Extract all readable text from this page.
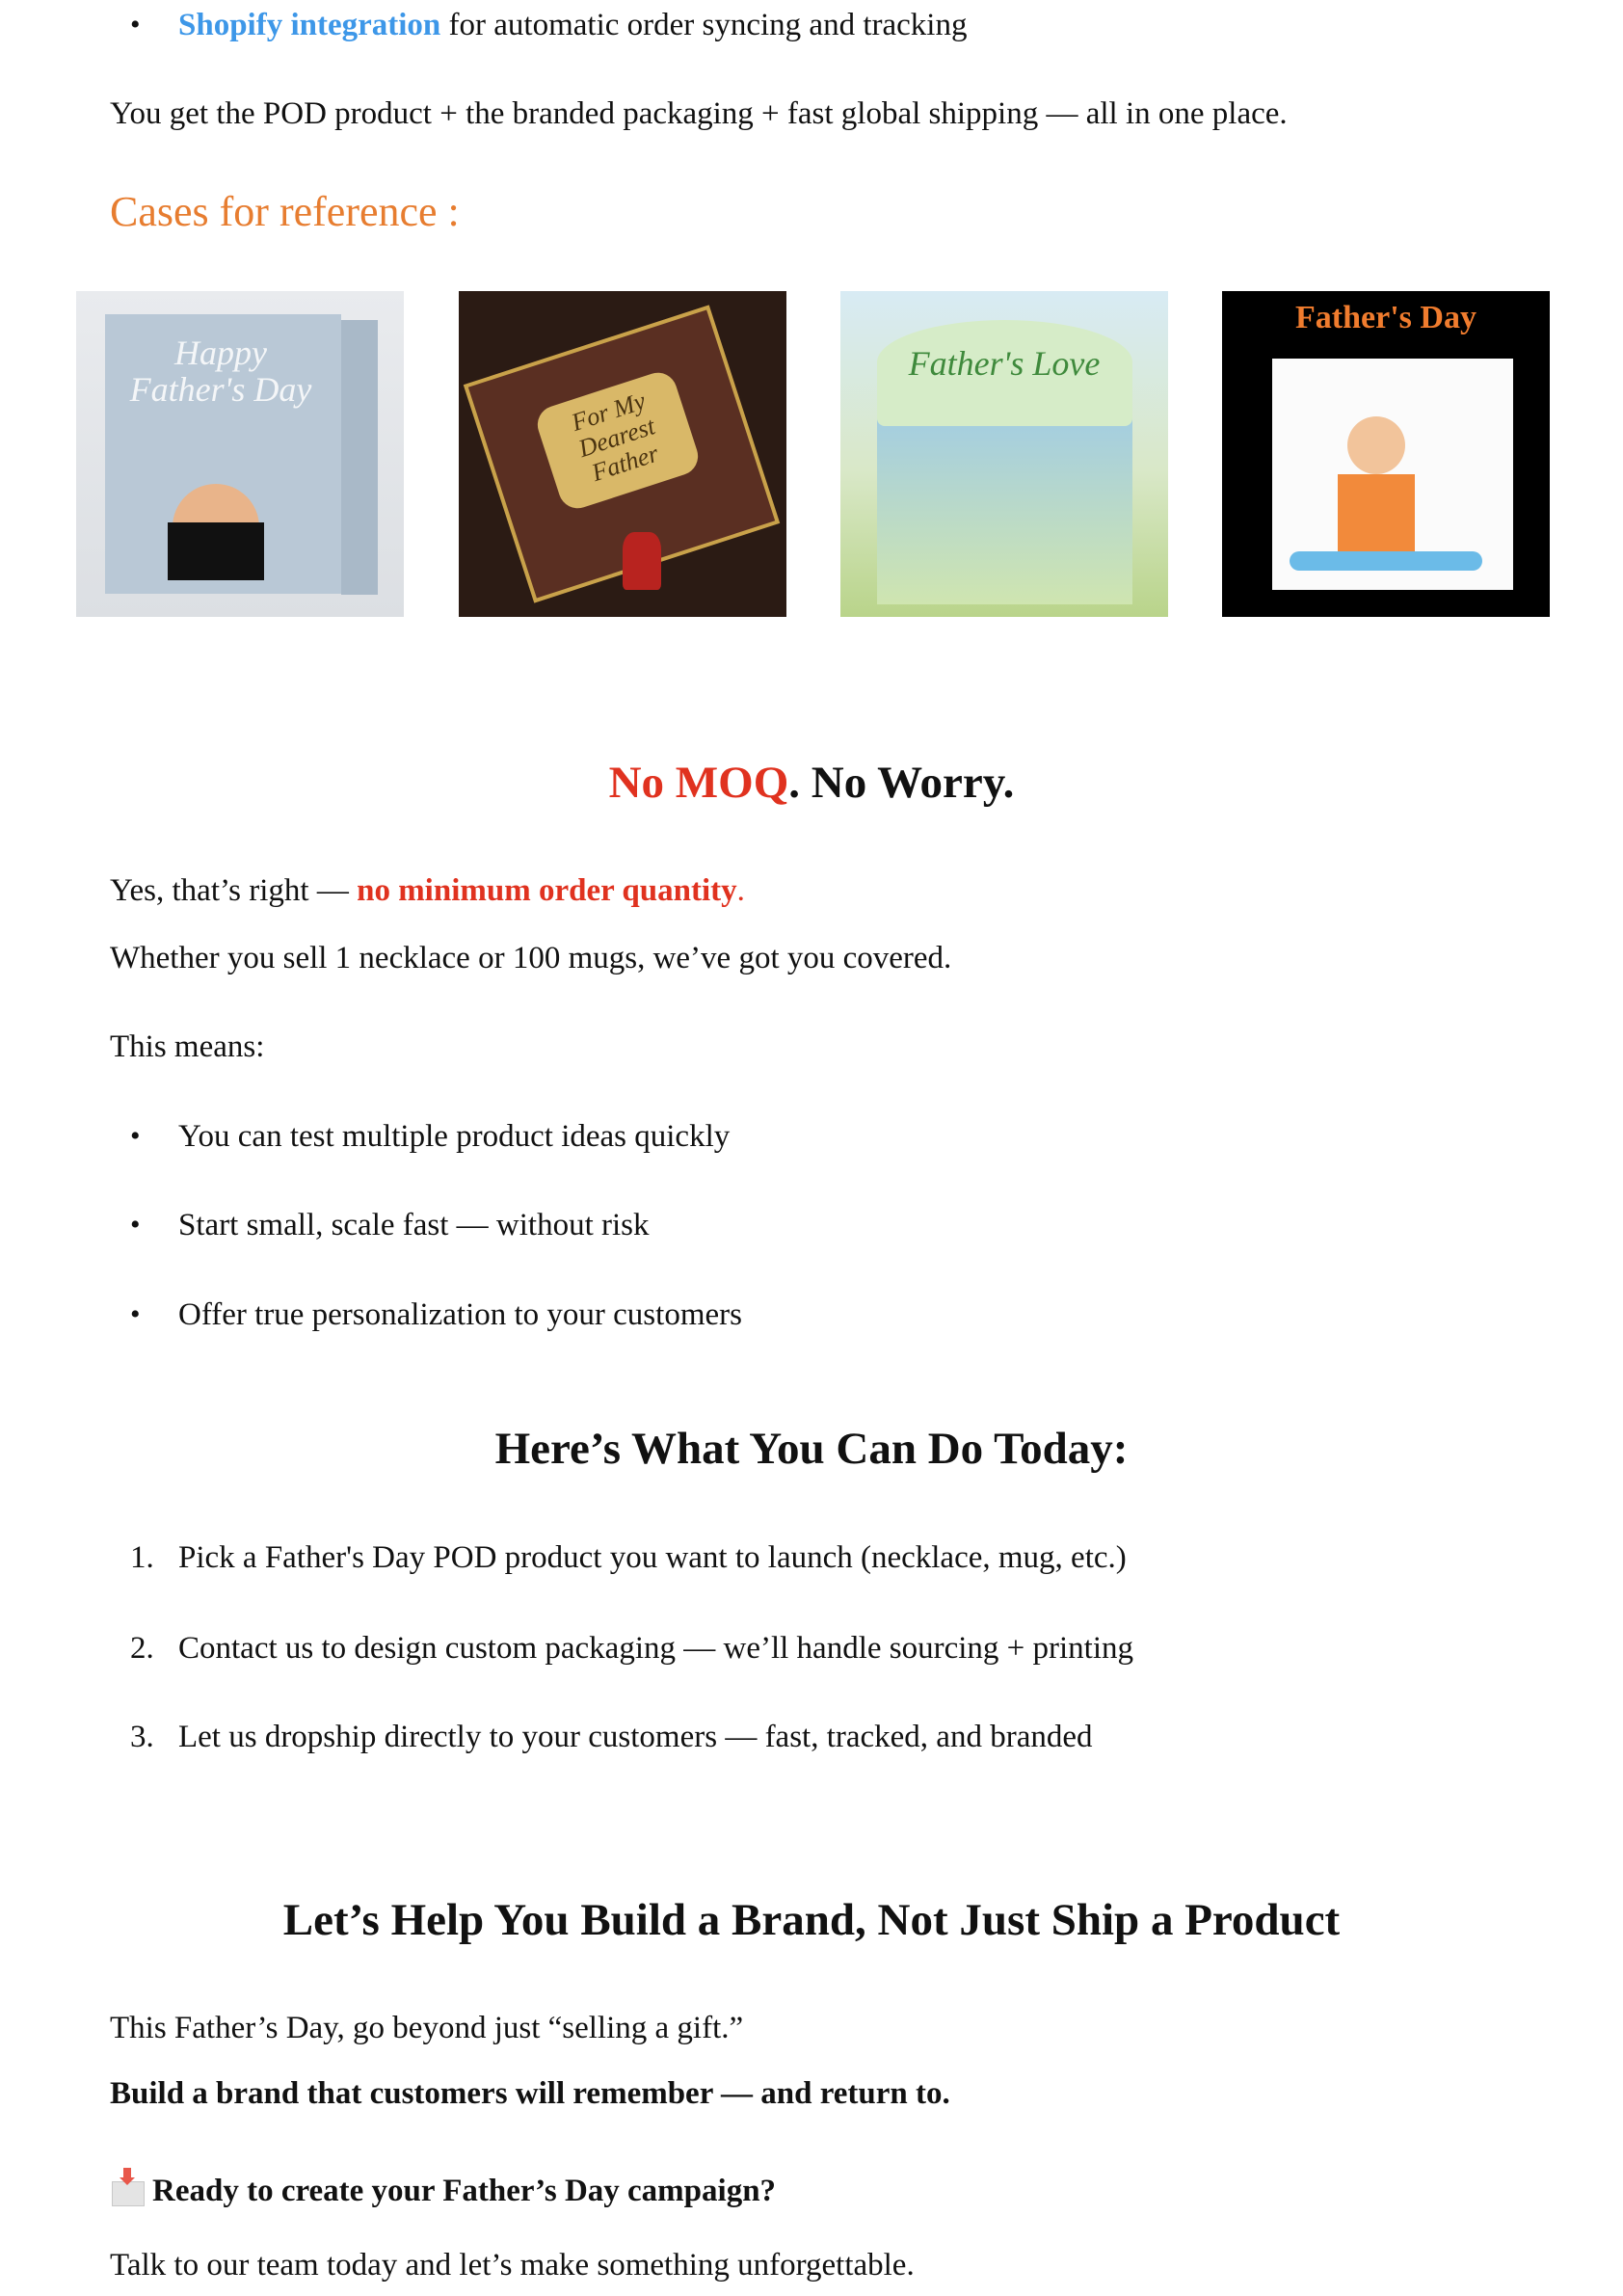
• Shopify integration for automatic order syncing and tracking
You get the POD product + the branded packaging + fast global shipping — all in one place.
Cases for reference :
Happy Father's Day	For My Dearest Father
Father's Love
Father's Day
No MOQ. No Worry.
Yes, that’s right — no minimum order quantity.
Whether you sell 1 necklace or 100 mugs, we’ve got you covered.
This means:
• You can test multiple product ideas quickly
• Start small, scale fast — without risk
• Offer true personalization to your customers
Here’s What You Can Do Today:
1. Pick a Father's Day POD product you want to launch (necklace, mug, etc.)
2. Contact us to design custom packaging — we’ll handle sourcing + printing
3. Let us dropship directly to your customers — fast, tracked, and branded
Let’s Help You Build a Brand, Not Just Ship a Product
This Father’s Day, go beyond just “selling a gift.”
Build a brand that customers will remember — and return to.
Ready to create your Father’s Day campaign?
Talk to our team today and let’s make something unforgettable.
